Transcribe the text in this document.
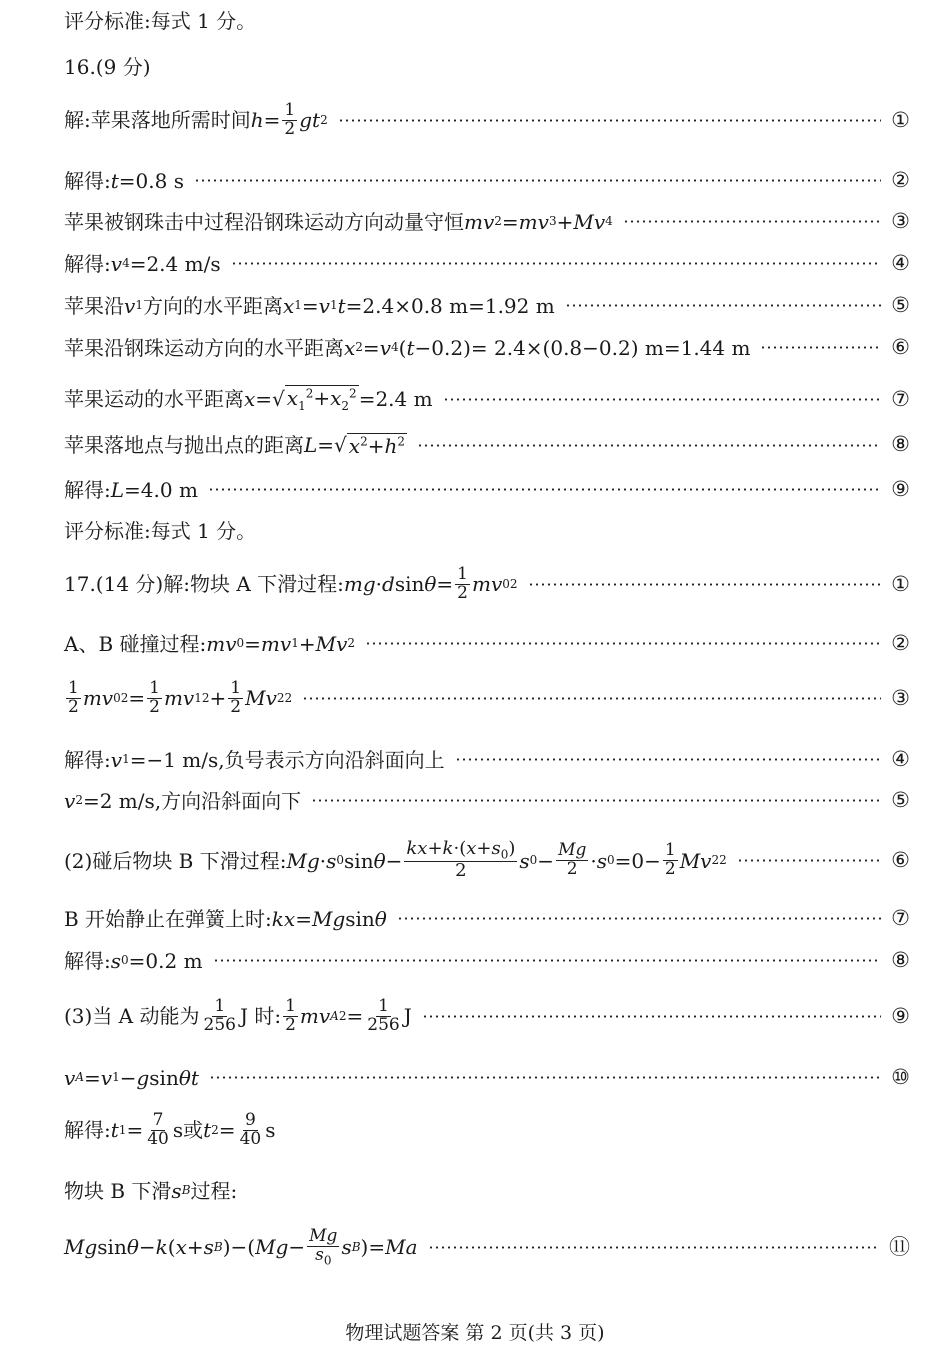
评分标准:每式 1 分。
16.(9 分)
解:苹果落地所需时间 $h = \frac{1}{2}$ gt 2	①
解得: t =0.8 s	②
苹果被钢珠击中过程沿钢珠运动方向动量守恒 mv 2 = mv 3 + Mv 4	③
解得: v 4 =2.4 m/s	④
苹果沿 v 1 方向的水平距离 x 1 = v 1 t =2.4×0.8 m=1.92 m	⑤
苹果沿钢珠运动方向的水平距离 x 2 = v 4 ( t −0.2)= 2.4×(0.8−0.2) m=1.44 m	⑥
苹果运动的水平距离 x = √ $x_1^2+x_2^2 =2.4$ m	⑦
苹果落地点与抛出点的距离 L = √ $x^2+h^2$	⑧
解得: L =4.0 m	⑨
评分标准:每式 1 分。
17.(14 分)解:物块 A 下滑过程: mg · d $\sin \theta = \frac{1}{2}$ mv 0 2	①
A、B 碰撞过程: mv 0 = mv 1 + Mv 2	②
$\frac{1}{2}$ mv 0 $2 = \frac{1}{2}$ mv 1 $2 + \frac{1}{2}$ Mv 2 2	③
解得: v 1 =−1 m/s ,负号表示方向沿斜面向上	④
v 2 =2 m/s ,方向沿斜面向下	⑤
(2)碰后物块 B 下滑过程: Mg · s 0 $\sin \theta - \frac{kx+k\cdot(x+s_0)}{2}$ s $0 - \frac{Mg}{2} \cdot s$ $0 =0- \frac{1}{2}$ Mv 2 2	⑥
B 开始静止在弹簧上时: kx = Mg sin θ	⑦
解得: s 0 =0.2 m	⑧
(3)当 A 动能为 $\frac{1}{256}$ J 时: $\frac{1}{2}$ mv A $2 = \frac{1}{256}$ J	⑨
v A = v 1 − g sin θt	⑩
解得: t $1 = \frac{7}{40}$ s 或 t $2 = \frac{9}{40}$ s
物块 B 下滑 s B 过程:
Mg sin θ − k ( x + s B )−( $Mg - \frac{Mg}{s_0}$ s B )= Ma	⑪
物理试题答案 第 2 页(共 3 页)
